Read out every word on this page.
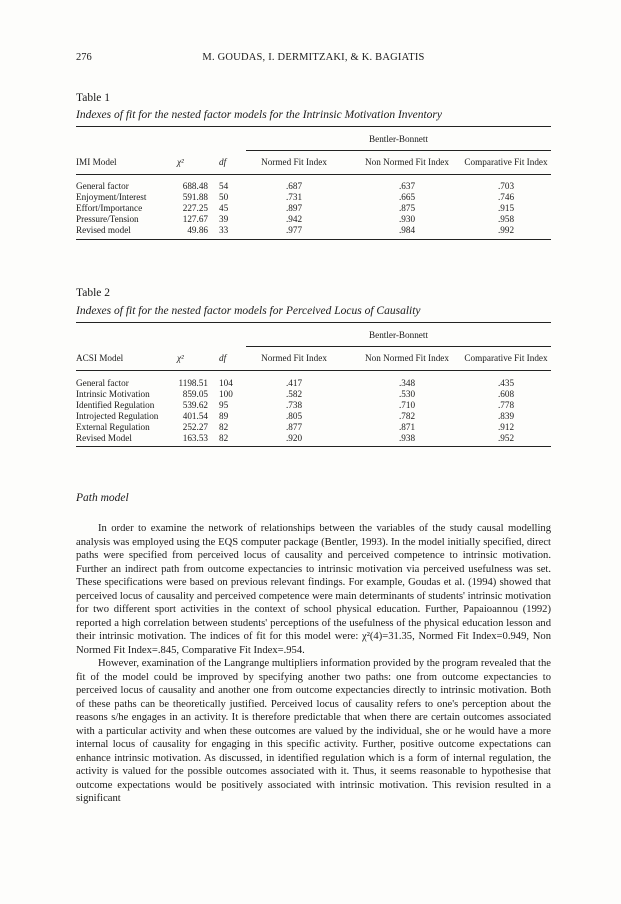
276	M. GOUDAS, I. DERMITZAKI, & K. BAGIATIS
Table 1
Indexes of fit for the nested factor models for the Intrinsic Motivation Inventory
Bentler-Bonnett
IMI Model	χ²	df	Normed Fit Index	Non Normed Fit Index	Comparative Fit Index
General factor	688.48 54	.687	.637	.703
Enjoyment/Interest	591.88 50	.731	.665	.746
Effort/Importance	227.25 45	.897	.875	.915
Pressure/Tension	127.67 39	.942	.930	.958
Revised model	49.86 33	.977	.984	.992
Table 2
Indexes of fit for the nested factor models for Perceived Locus of Causality
Bentler-Bonnett
ACSI Model	χ²	df	Normed Fit Index	Non Normed Fit Index	Comparative Fit Index
General factor	1198.51 104	.417	.348	.435
Intrinsic Motivation	859.05 100	.582	.530	.608
Identified Regulation	539.62 95	.738	.710	.778
Introjected Regulation	401.54 89	.805	.782	.839
External Regulation	252.27 82	.877	.871	.912
Revised Model	163.53 82	.920	.938	.952
Path model

In order to examine the network of relationships between the variables of the study causal modelling analysis was employed using the EQS computer package (Bentler, 1993). In the model initially specified, direct paths were specified from perceived locus of causality and perceived competence to intrinsic motivation. Further an indirect path from outcome expectancies to intrinsic motivation via perceived usefulness was set. These specifications were based on previous relevant findings. For example, Goudas et al. (1994) showed that perceived locus of causality and perceived competence were main determinants of students' intrinsic motivation for two different sport activities in the context of school physical education. Further, Papaioannou (1992) reported a high correlation between students' perceptions of the usefulness of the physical education lesson and their intrinsic motivation. The indices of fit for this model were: χ²(4)=31.35, Normed Fit Index=0.949, Non Normed Fit Index=.845, Comparative Fit Index=.954.

However, examination of the Langrange multipliers information provided by the program revealed that the fit of the model could be improved by specifying another two paths: one from outcome expectancies to perceived locus of causality and another one from outcome expectancies directly to intrinsic motivation. Both of these paths can be theoretically justified. Perceived locus of causality refers to one's perception about the reasons s/he engages in an activity. It is therefore predictable that when there are certain outcomes associated with a particular activity and when these outcomes are valued by the individual, she or he would have a more internal locus of causality for engaging in this specific activity. Further, positive outcome expectations can enhance intrinsic motivation. As discussed, in identified regulation which is a form of internal regulation, the activity is valued for the possible outcomes associated with it. Thus, it seems reasonable to hypothesise that outcome expectations would be positively associated with intrinsic motivation. This revision resulted in a significant
